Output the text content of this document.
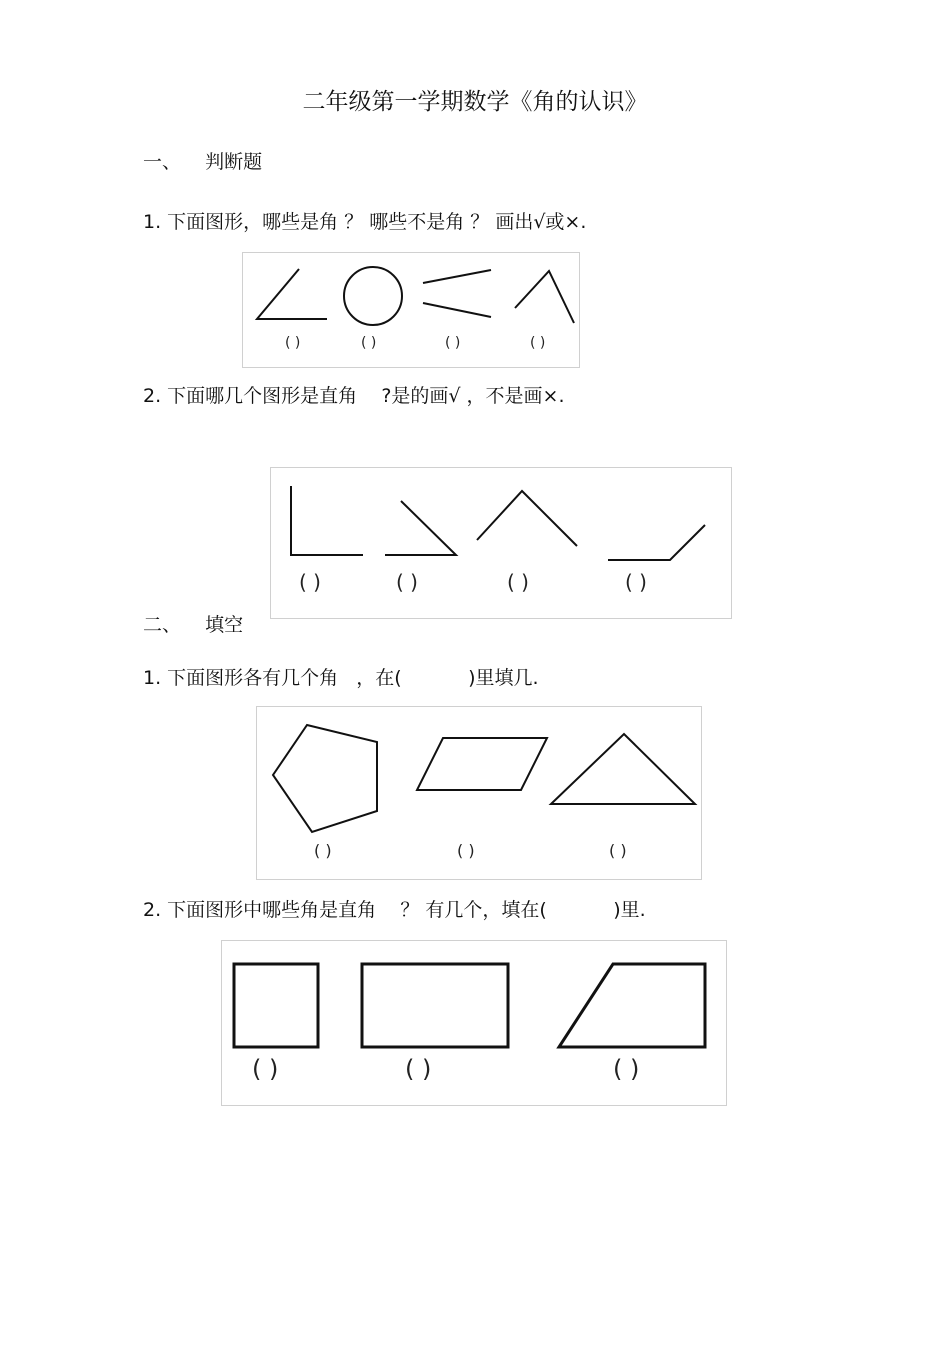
二年级第一学期数学《角的认识》
一、    判断题
1. 下面图形，哪些是角 ？ 哪些不是角 ？ 画出√或×.
( )	( )	( )	( )
2. 下面哪几个图形是直角    ?是的画√ ，不是画×.
( )	( )	( )	( )
二、    填空
1. 下面图形各有几个角   ，在(           )里填几.
( )	( )	( )
2. 下面图形中哪些角是直角    ？ 有几个，填在(           )里.
( )	( )	( )
